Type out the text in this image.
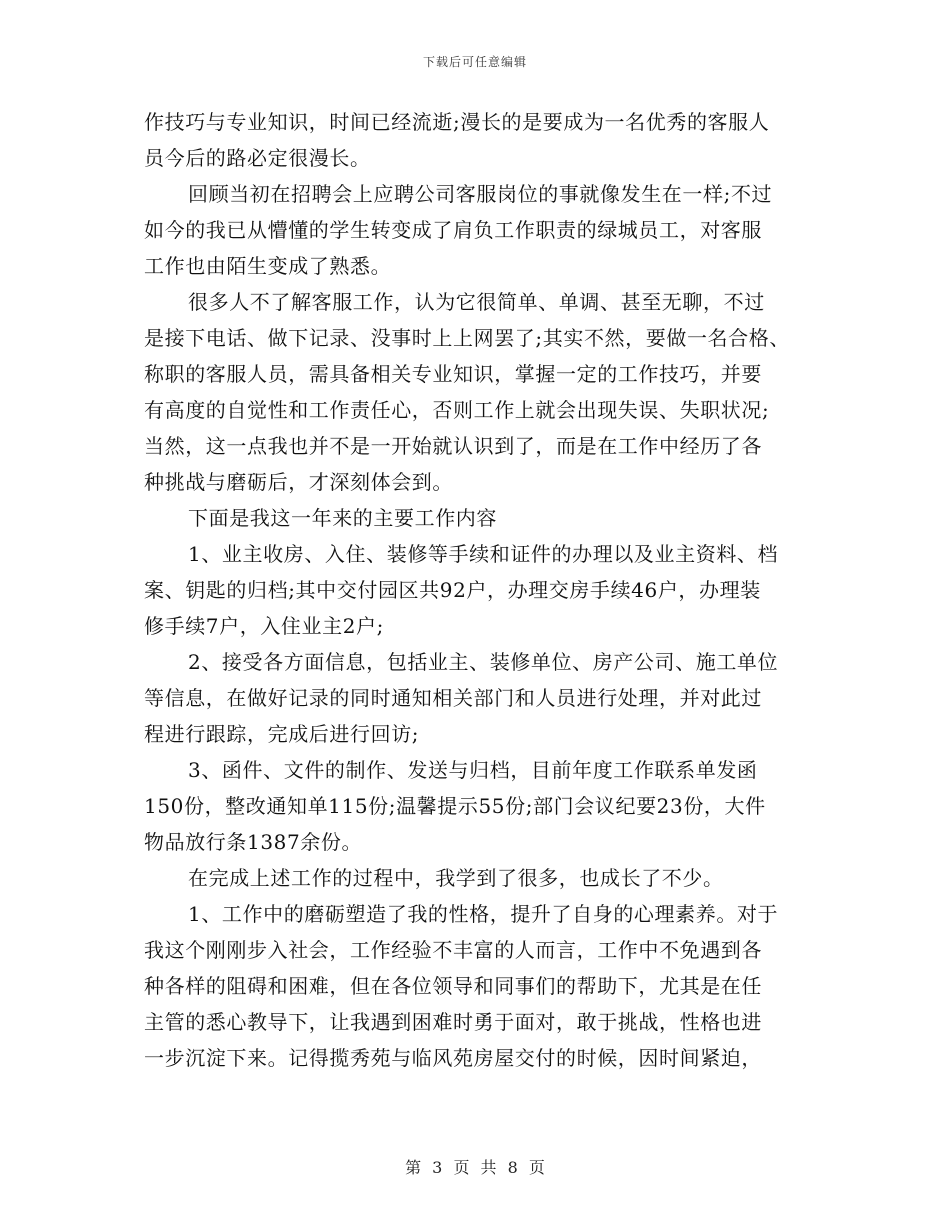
下载后可任意编辑
作技巧与专业知识，时间已经流逝;漫长的是要成为一名优秀的客服人
员今后的路必定很漫长。
回顾当初在招聘会上应聘公司客服岗位的事就像发生在一样;不过
如今的我已从懵懂的学生转变成了肩负工作职责的绿城员工，对客服
工作也由陌生变成了熟悉。
很多人不了解客服工作，认为它很简单、单调、甚至无聊，不过
是接下电话、做下记录、没事时上上网罢了;其实不然，要做一名合格、
称职的客服人员，需具备相关专业知识，掌握一定的工作技巧，并要
有高度的自觉性和工作责任心，否则工作上就会出现失误、失职状况;
当然，这一点我也并不是一开始就认识到了，而是在工作中经历了各
种挑战与磨砺后，才深刻体会到。
下面是我这一年来的主要工作内容
1、业主收房、入住、装修等手续和证件的办理以及业主资料、档
案、钥匙的归档;其中交付园区共92户，办理交房手续46户，办理装
修手续7户，入住业主2户;
2、接受各方面信息，包括业主、装修单位、房产公司、施工单位
等信息，在做好记录的同时通知相关部门和人员进行处理，并对此过
程进行跟踪，完成后进行回访;
3、函件、文件的制作、发送与归档，目前年度工作联系单发函
150份，整改通知单115份;温馨提示55份;部门会议纪要23份，大件
物品放行条1387余份。
在完成上述工作的过程中，我学到了很多，也成长了不少。
1、工作中的磨砺塑造了我的性格，提升了自身的心理素养。对于
我这个刚刚步入社会，工作经验不丰富的人而言，工作中不免遇到各
种各样的阻碍和困难，但在各位领导和同事们的帮助下，尤其是在任
主管的悉心教导下，让我遇到困难时勇于面对，敢于挑战，性格也进
一步沉淀下来。记得揽秀苑与临风苑房屋交付的时候，因时间紧迫，
第 3 页 共 8 页
